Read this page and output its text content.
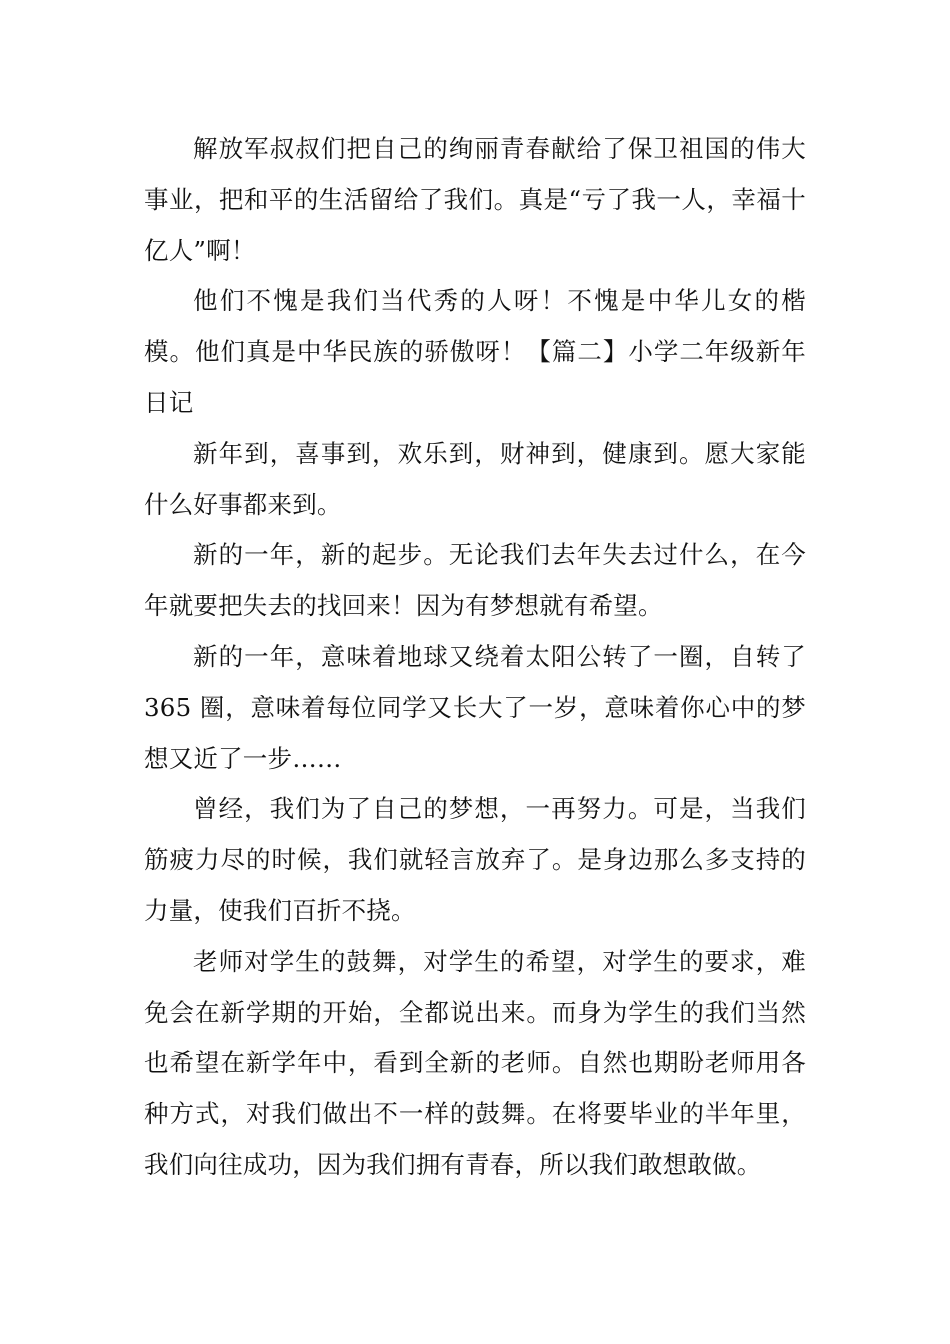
解放军叔叔们把自己的绚丽青春献给了保卫祖国的伟大事业，把和平的生活留给了我们。真是“亏了我一人，幸福十亿人”啊！

他们不愧是我们当代秀的人呀！不愧是中华儿女的楷模。他们真是中华民族的骄傲呀！【篇二】小学二年级新年日记

新年到，喜事到，欢乐到，财神到，健康到。愿大家能什么好事都来到。

新的一年，新的起步。无论我们去年失去过什么，在今年就要把失去的找回来！因为有梦想就有希望。

新的一年，意味着地球又绕着太阳公转了一圈，自转了 365 圈，意味着每位同学又长大了一岁，意味着你心中的梦想又近了一步……

曾经，我们为了自己的梦想，一再努力。可是，当我们筋疲力尽的时候，我们就轻言放弃了。是身边那么多支持的力量，使我们百折不挠。

老师对学生的鼓舞，对学生的希望，对学生的要求，难免会在新学期的开始，全都说出来。而身为学生的我们当然也希望在新学年中，看到全新的老师。自然也期盼老师用各种方式，对我们做出不一样的鼓舞。在将要毕业的半年里，我们向往成功，因为我们拥有青春，所以我们敢想敢做。
